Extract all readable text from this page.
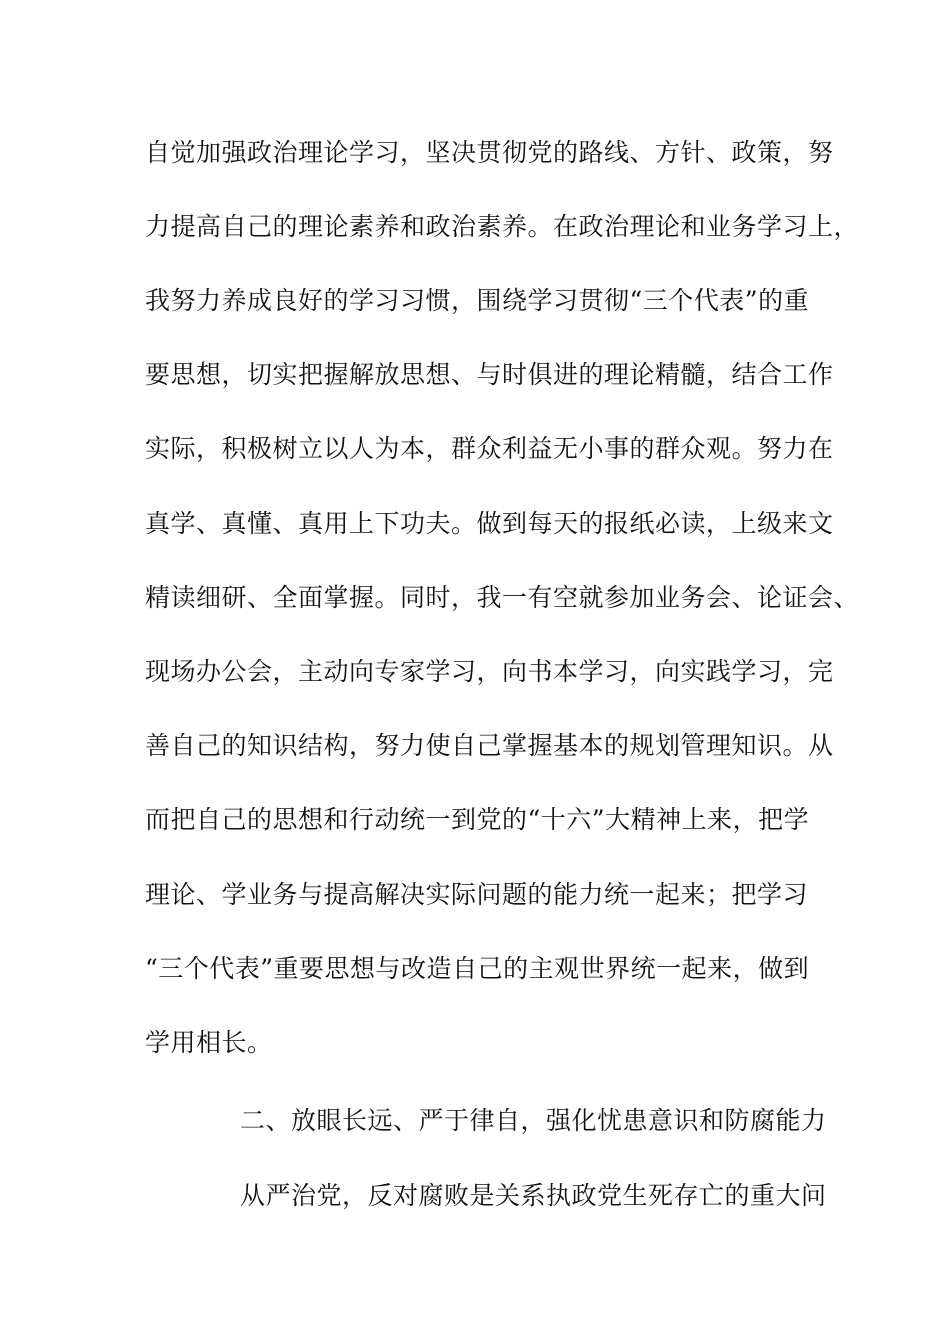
自觉加强政治理论学习，坚决贯彻党的路线、方针、政策，努
力提高自己的理论素养和政治素养。在政治理论和业务学习上，
我努力养成良好的学习习惯，围绕学习贯彻“三个代表”的重
要思想，切实把握解放思想、与时俱进的理论精髓，结合工作
实际，积极树立以人为本，群众利益无小事的群众观。努力在
真学、真懂、真用上下功夫。做到每天的报纸必读，上级来文
精读细研、全面掌握。同时，我一有空就参加业务会、论证会、
现场办公会，主动向专家学习，向书本学习，向实践学习，完
善自己的知识结构，努力使自己掌握基本的规划管理知识。从
而把自己的思想和行动统一到党的“十六”大精神上来，把学
理论、学业务与提高解决实际问题的能力统一起来；把学习
“三个代表”重要思想与改造自己的主观世界统一起来，做到
学用相长。
二、放眼长远、严于律自，强化忧患意识和防腐能力
从严治党，反对腐败是关系执政党生死存亡的重大问
